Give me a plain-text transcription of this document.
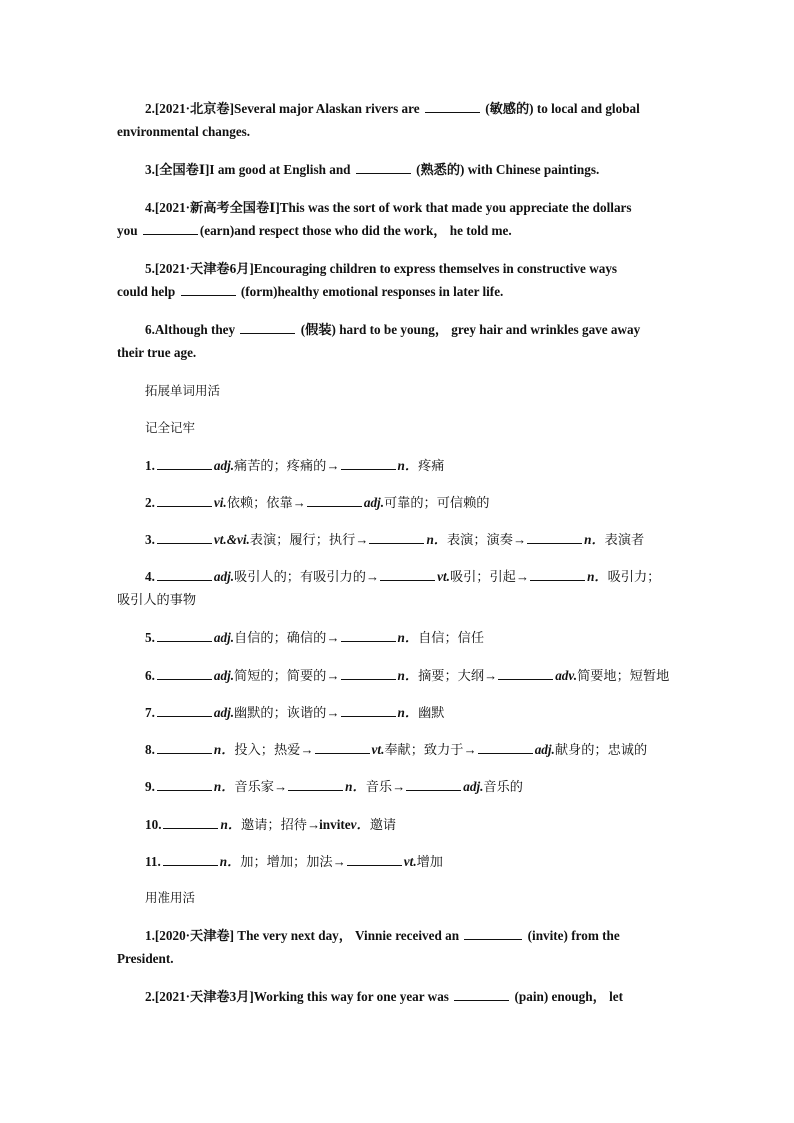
2.[2021·北京卷]Several major Alaskan rivers are	(敏感的) to local and global
environmental changes.
3.[全国卷Ⅰ]I am good at English and	(熟悉的) with Chinese paintings.
4.[2021·新高考全国卷Ⅰ]This was the sort of work that made you appreciate the dollars
you	(earn)and respect those who did the work， he told me.
5.[2021·天津卷6月]Encouraging children to express themselves in constructive ways
could help	(form)healthy emotional responses in later life.
6.Although they	(假装) hard to be young， grey hair and wrinkles gave away
their true age.
拓展单词用活
记全记牢
1.	adj.痛苦的；疼痛的→	n．疼痛
2.	vi.依赖；依靠→	adj.可靠的；可信赖的
3.	vt.&vi.表演；履行；执行→	n．表演；演奏→	n．表演者
4.	adj.吸引人的；有吸引力的→	vt.吸引；引起→	n．吸引力；
吸引人的事物
5.	adj.自信的；确信的→	n．自信；信任
6.	adj.简短的；简要的→	n．摘要；大纲→	adv.简要地；短暂地
7.	adj.幽默的；诙谐的→	n．幽默
8.	n．投入；热爱→	vt.奉献；致力于→	adj.献身的；忠诚的
9.	n．音乐家→	n．音乐→	adj.音乐的
10.	n．邀请；招待→invitev．邀请
11.	n．加；增加；加法→	vt.增加
用准用活
1.[2020·天津卷] The very next day， Vinnie received an	(invite) from the
President.
2.[2021·天津卷3月]Working this way for one year was	(pain) enough， let
